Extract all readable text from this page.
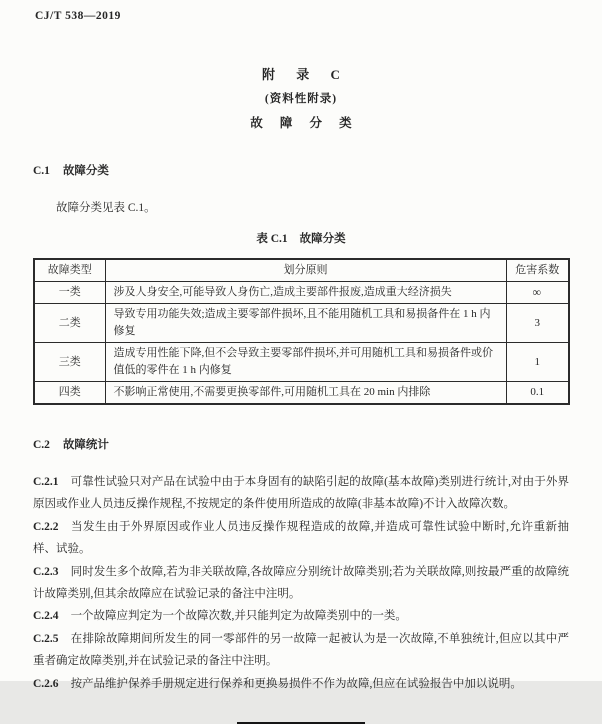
CJ/T 538—2019
附 录 C
(资料性附录)
故 障 分 类
C.1 故障分类

故障分类见表 C.1。

表 C.1 故障分类
故障类型	划分原则	危害系数
一类	涉及人身安全,可能导致人身伤亡,造成主要部件报废,造成重大经济损失	∞
二类	导致专用功能失效;造成主要零部件损坏,且不能用随机工具和易损备件在 1 h 内修复	3
三类	造成专用性能下降,但不会导致主要零部件损坏,并可用随机工具和易损备件或价值低的零件在 1 h 内修复	1
四类	不影响正常使用,不需要更换零部件,可用随机工具在 20 min 内排除	0.1
C.2 故障统计

C.2.1 可靠性试验只对产品在试验中由于本身固有的缺陷引起的故障(基本故障)类别进行统计,对由于外界原因或作业人员违反操作规程,不按规定的条件使用所造成的故障(非基本故障)不计入故障次数。

C.2.2 当发生由于外界原因或作业人员违反操作规程造成的故障,并造成可靠性试验中断时,允许重新抽样、试验。

C.2.3 同时发生多个故障,若为非关联故障,各故障应分别统计故障类别;若为关联故障,则按最严重的故障统计故障类别,但其余故障应在试验记录的备注中注明。

C.2.4 一个故障应判定为一个故障次数,并只能判定为故障类别中的一类。

C.2.5 在排除故障期间所发生的同一零部件的另一故障一起被认为是一次故障,不单独统计,但应以其中严重者确定故障类别,并在试验记录的备注中注明。

C.2.6 按产品维护保养手册规定进行保养和更换易损件不作为故障,但应在试验报告中加以说明。
